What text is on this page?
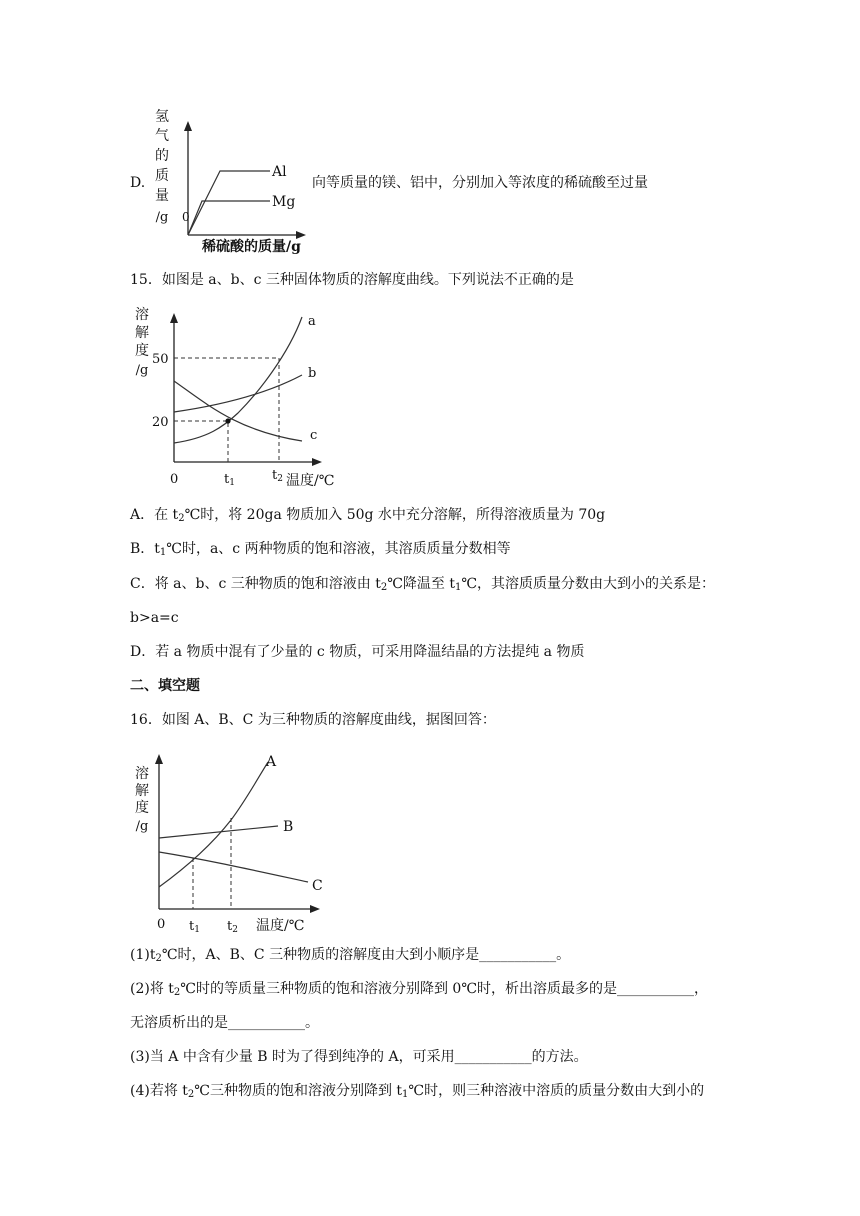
D.
氢
气
的
质
量
/g 0
Al
Mg
稀硫酸的质量/g
向等质量的镁、铝中，分别加入等浓度的稀硫酸至过量
15．如图是 a、b、c 三种固体物质的溶解度曲线。下列说法不正确的是
溶
解
度
/g
0
50
20
a
b
c
t1	t2 温度/℃
A．在 $t_2℃$时，将 20ga 物质加入 50g 水中充分溶解，所得溶液质量为 70g
B．$t_1℃$时，a、c 两种物质的饱和溶液，其溶质质量分数相等
C．将 a、b、c 三种物质的饱和溶液由 $t_2℃$降温至 $t_1℃$，其溶质质量分数由大到小的关系是：
b>a=c
D．若 a 物质中混有了少量的 c 物质，可采用降温结晶的方法提纯 a 物质
二、填空题
16．如图 A、B、C 为三种物质的溶解度曲线，据图回答：
溶
解
度
/g
0
A
B
C
t1 t2 温度/℃
$(1)t_2℃$时，A、B、C 三种物质的溶解度由大到小顺序是___________。
(2)将 $t_2℃$时的等质量三种物质的饱和溶液分别降到 0℃时，析出溶质最多的是___________，
无溶质析出的是___________。
(3)当 A 中含有少量 B 时为了得到纯净的 A，可采用___________的方法。
(4)若将 $t_2℃$三种物质的饱和溶液分别降到 $t_1℃$时，则三种溶液中溶质的质量分数由大到小的
